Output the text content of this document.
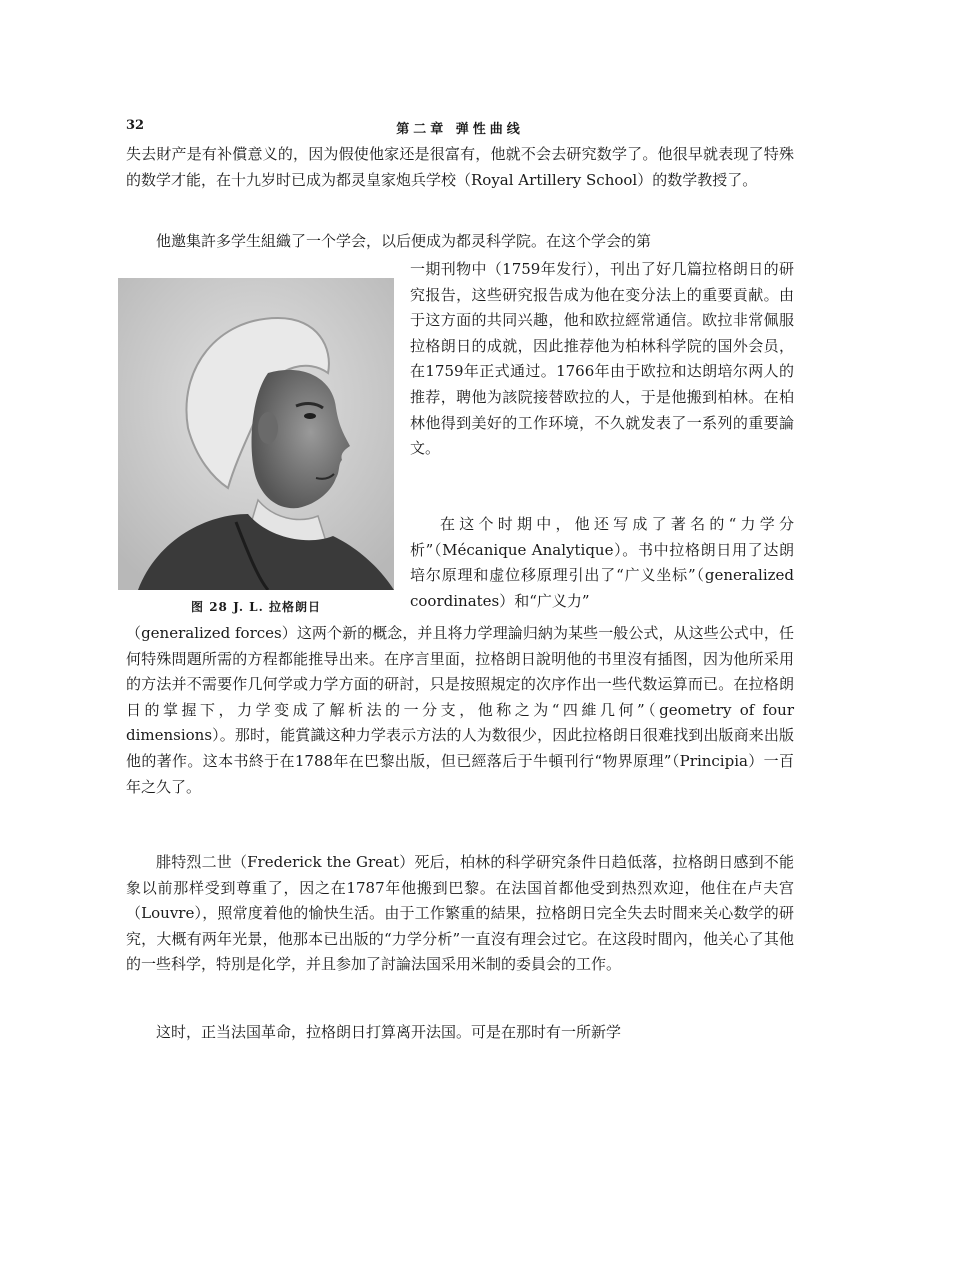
32	第二章 弹性曲线

失去財产是有补償意义的，因为假使他家还是很富有，他就不会去研究数学了。他很早就表现了特殊的数学才能，在十九岁时已成为都灵皇家炮兵学校（Royal Artillery School）的数学教授了。

他邀集許多学生組織了一个学会，以后便成为都灵科学院。在这个学会的第

一期刊物中（1759年发行），刊出了好几篇拉格朗日的研究报告，这些研究报告成为他在变分法上的重要貢献。由于这方面的共同兴趣，他和欧拉經常通信。欧拉非常佩服拉格朗日的成就，因此推荐他为柏林科学院的国外会员，在1759年正式通过。1766年由于欧拉和达朗培尔两人的推荐，聘他为該院接替欧拉的人，于是他搬到柏林。在柏林他得到美好的工作环境，不久就发表了一系列的重要論文。

在这个时期中，他还写成了著名的“力学分析”（Mécanique Analytique）。书中拉格朗日用了达朗培尔原理和虚位移原理引出了“广义坐标”（generalized coordinates）和“广义力”

（generalized forces）这两个新的概念，并且将力学理論归納为某些一般公式，从这些公式中，任何特殊問題所需的方程都能推导出来。在序言里面，拉格朗日說明他的书里沒有插图，因为他所采用的方法并不需要作几何学或力学方面的研討，只是按照規定的次序作出一些代数运算而已。在拉格朗日的掌握下，力学变成了解析法的一分支，他称之为“四維几何”（geometry of four dimensions）。那时，能賞識这种力学表示方法的人为数很少，因此拉格朗日很难找到出版商来出版他的著作。这本书終于在1788年在巴黎出版，但已經落后于牛頓刊行“物界原理”（Principia）一百年之久了。

腓特烈二世（Frederick the Great）死后，柏林的科学研究条件日趋低落，拉格朗日感到不能象以前那样受到尊重了，因之在1787年他搬到巴黎。在法国首都他受到热烈欢迎，他住在卢夫宫（Louvre），照常度着他的愉快生活。由于工作繁重的結果，拉格朗日完全失去时間来关心数学的研究，大概有两年光景，他那本已出版的“力学分析”一直沒有理会过它。在这段时間內，他关心了其他的一些科学，特別是化学，并且参加了討論法国采用米制的委員会的工作。

这时，正当法国革命，拉格朗日打算离开法国。可是在那时有一所新学

图 28 J. L. 拉格朗日
